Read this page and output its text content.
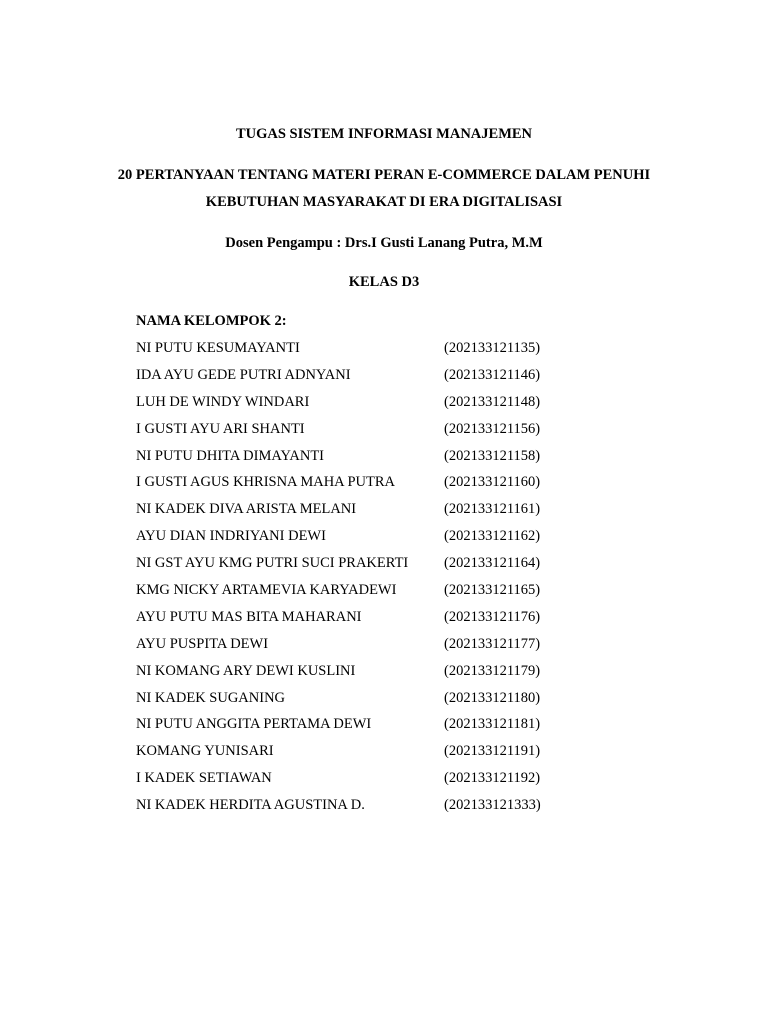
TUGAS SISTEM INFORMASI MANAJEMEN
20 PERTANYAAN TENTANG MATERI PERAN E-COMMERCE DALAM PENUHI
KEBUTUHAN MASYARAKAT DI ERA DIGITALISASI
Dosen Pengampu : Drs.I Gusti Lanang Putra, M.M
KELAS D3
NAMA KELOMPOK 2:
NI PUTU KESUMAYANTI	(202133121135)
IDA AYU GEDE PUTRI ADNYANI	(202133121146)
LUH DE WINDY WINDARI	(202133121148)
I GUSTI AYU ARI SHANTI	(202133121156)
NI PUTU DHITA DIMAYANTI	(202133121158)
I GUSTI AGUS KHRISNA MAHA PUTRA	(202133121160)
NI KADEK DIVA ARISTA MELANI	(202133121161)
AYU DIAN INDRIYANI DEWI	(202133121162)
NI GST AYU KMG PUTRI SUCI PRAKERTI (202133121164)
KMG NICKY ARTAMEVIA KARYADEWI	(202133121165)
AYU PUTU MAS BITA MAHARANI	(202133121176)
AYU PUSPITA DEWI	(202133121177)
NI KOMANG ARY DEWI KUSLINI	(202133121179)
NI KADEK SUGANING	(202133121180)
NI PUTU ANGGITA PERTAMA DEWI	(202133121181)
KOMANG YUNISARI	(202133121191)
I KADEK SETIAWAN	(202133121192)
NI KADEK HERDITA AGUSTINA D.	(202133121333)
